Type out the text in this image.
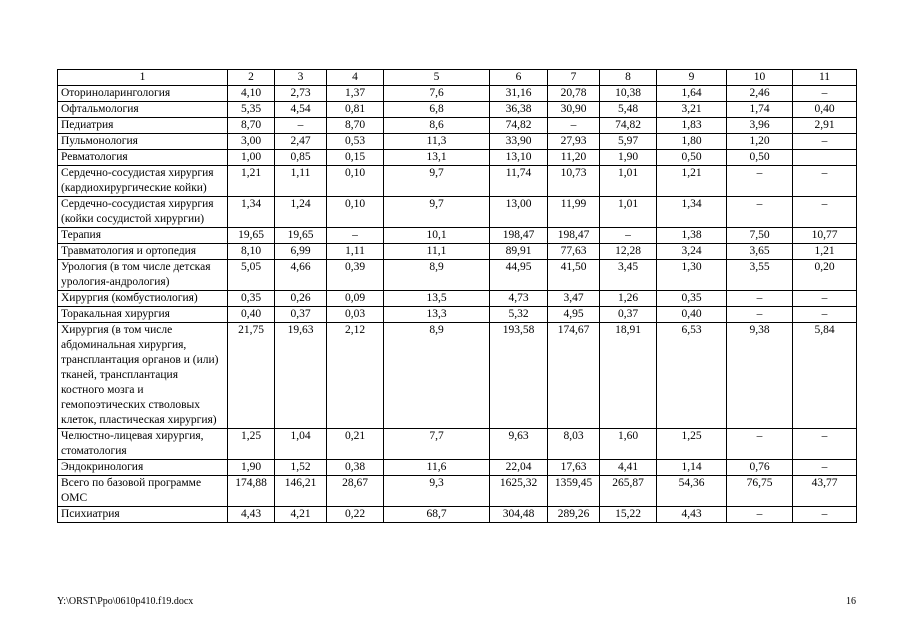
1	2	3	4	5	6	7	8	9	10	11
Оториноларингология	4,10	2,73	1,37	7,6	31,16	20,78	10,38	1,64	2,46	–
Офтальмология	5,35	4,54	0,81	6,8	36,38	30,90	5,48	3,21	1,74	0,40
Педиатрия	8,70	–	8,70	8,6	74,82	–	74,82	1,83	3,96	2,91
Пульмонология	3,00	2,47	0,53	11,3	33,90	27,93	5,97	1,80	1,20	–
Ревматология	1,00	0,85	0,15	13,1	13,10	11,20	1,90	0,50	0,50	
Сердечно-сосудистая хирургия (кардиохирургические койки)	1,21	1,11	0,10	9,7	11,74	10,73	1,01	1,21	–	–
Сердечно-сосудистая хирургия (койки сосудистой хирургии)	1,34	1,24	0,10	9,7	13,00	11,99	1,01	1,34	–	–
Терапия	19,65	19,65	–	10,1	198,47	198,47	–	1,38	7,50	10,77
Травматология и ортопедия	8,10	6,99	1,11	11,1	89,91	77,63	12,28	3,24	3,65	1,21
Урология (в том числе детская урология-андрология)	5,05	4,66	0,39	8,9	44,95	41,50	3,45	1,30	3,55	0,20
Хирургия (комбустиология)	0,35	0,26	0,09	13,5	4,73	3,47	1,26	0,35	–	–
Торакальная хирургия	0,40	0,37	0,03	13,3	5,32	4,95	0,37	0,40	–	–
Хирургия (в том числе абдоминальная хирургия, трансплантация органов и (или) тканей, трансплантация костного мозга и гемопоэтических стволовых клеток, пластическая хирургия)	21,75	19,63	2,12	8,9	193,58	174,67	18,91	6,53	9,38	5,84
Челюстно-лицевая хирургия, стоматология	1,25	1,04	0,21	7,7	9,63	8,03	1,60	1,25	–	–
Эндокринология	1,90	1,52	0,38	11,6	22,04	17,63	4,41	1,14	0,76	–
Всего по базовой программе ОМС	174,88	146,21	28,67	9,3	1625,32	1359,45	265,87	54,36	76,75	43,77
Психиатрия	4,43	4,21	0,22	68,7	304,48	289,26	15,22	4,43	–	–
Y:\ORST\Ppo\0610p410.f19.docx	16
